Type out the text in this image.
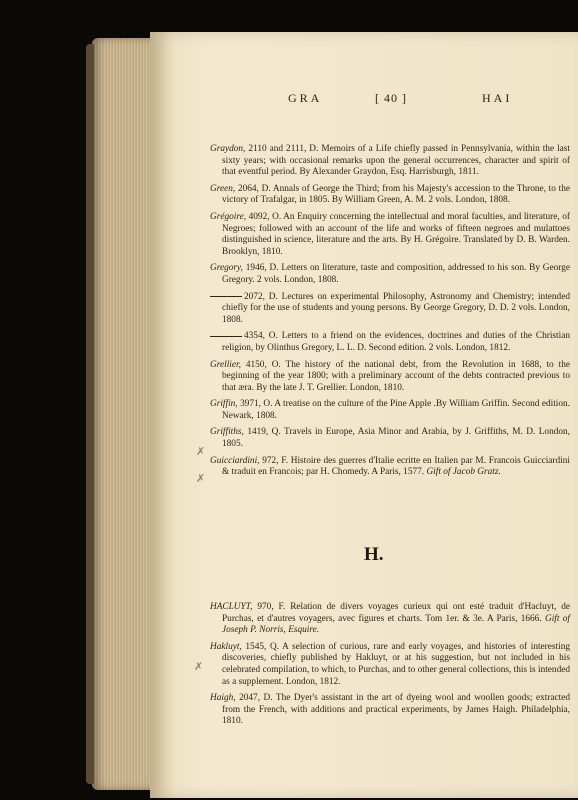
GRA	[ 40 ]	HAI

Graydon, 2110 and 2111, D. Memoirs of a Life chiefly passed in Pennsylvania, within the last sixty years; with occasional remarks upon the general occurrences, character and spirit of that eventful period. By Alexander Graydon, Esq. Harrisburgh, 1811.

Green, 2064, D. Annals of George the Third; from his Majesty's accession to the Throne, to the victory of Trafalgar, in 1805. By William Green, A. M. 2 vols. London, 1808.

Grégoire, 4092, O. An Enquiry concerning the intellectual and moral faculties, and literature, of Negroes; followed with an account of the life and works of fifteen negroes and mulattoes distinguished in science, literature and the arts. By H. Grégoire. Translated by D. B. Warden. Brooklyn, 1810.

Gregory, 1946, D. Letters on literature, taste and composition, addressed to his son. By George Gregory. 2 vols. London, 1808.

2072, D. Lectures on experimental Philosophy, Astronomy and Chemistry; intended chiefly for the use of students and young persons. By George Gregory, D. D. 2 vols. London, 1808.

4354, O. Letters to a friend on the evidences, doctrines and duties of the Christian religion, by Olinthus Gregory, L. L. D. Second edition. 2 vols. London, 1812.

Grellier, 4150, O. The history of the national debt, from the Revolution in 1688, to the beginning of the year 1800; with a preliminary account of the debts contracted previous to that æra. By the late J. T. Grellier. London, 1810.

Griffin, 3971, O. A treatise on the culture of the Pine Apple .By William Griffin. Second edition. Newark, 1808.

Griffiths, 1419, Q. Travels in Europe, Asia Minor and Arabia, by J. Griffiths, M. D. London, 1805.

Guicciardini, 972, F. Histoire des guerres d'Italie ecritte en Italien par M. Francois Guicciardini & traduit en Francois; par H. Chomedy. A Paris, 1577. Gift of Jacob Gratz.

H.

HACLUYT, 970, F. Relation de divers voyages curieux qui ont esté traduit d'Hacluyt, de Purchas, et d'autres voyagers, avec figures et charts. Tom 1er. & 3e. A Paris, 1666. Gift of Joseph P. Norris, Esquire.

Hakluyt, 1545, Q. A selection of curious, rare and early voyages, and histories of interesting discoveries, chiefly published by Hakluyt, or at his suggestion, but not included in his celebrated compilation, to which, to Purchas, and to other general collections, this is intended as a supplement. London, 1812.

Haigh, 2047, D. The Dyer's assistant in the art of dyeing wool and woollen goods; extracted from the French, with additions and practical experiments, by James Haigh. Philadelphia, 1810.

✗
✗
✗
